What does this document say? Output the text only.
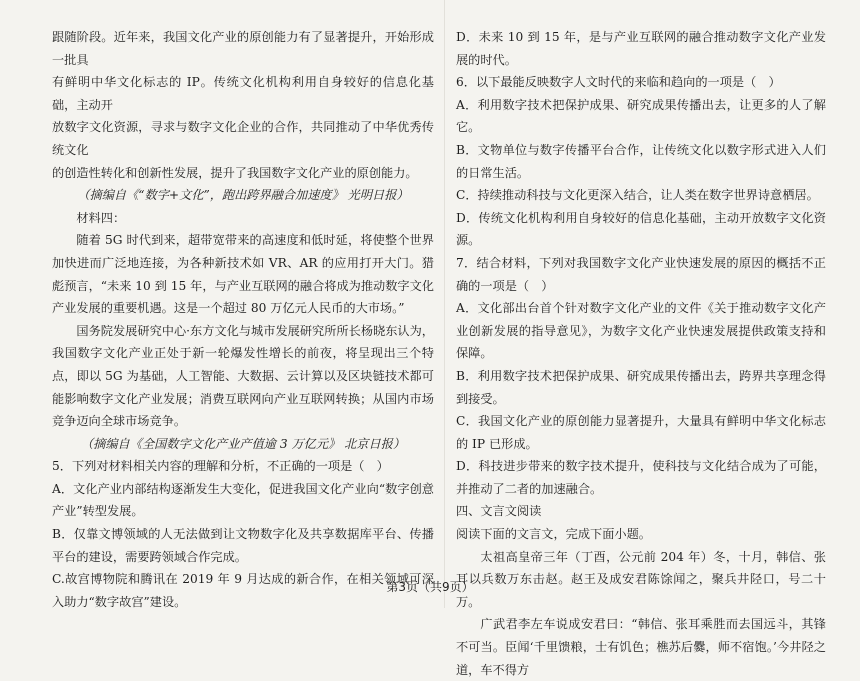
跟随阶段。近年来，我国文化产业的原创能力有了显著提升，开始形成一批具

有鲜明中华文化标志的 IP。传统文化机构利用自身较好的信息化基础，主动开

放数字文化资源，寻求与数字文化企业的合作，共同推动了中华优秀传统文化

的创造性转化和创新性发展，提升了我国数字文化产业的原创能力。

（摘编自《“数字+文化”，跑出跨界融合加速度》 光明日报）

材料四：

随着 5G 时代到来，超带宽带来的高速度和低时延，将使整个世界加快进而广泛地连接，为各种新技术如 VR、AR 的应用打开大门。猎彪预言，“未来 10 到 15 年，与产业互联网的融合将成为推动数字文化产业发展的重要机遇。这是一个超过 80 万亿元人民币的大市场。”

国务院发展研究中心·东方文化与城市发展研究所所长杨晓东认为，我国数字文化产业正处于新一轮爆发性增长的前夜，将呈现出三个特点，即以 5G 为基础，人工智能、大数据、云计算以及区块链技术都可能影响数字文化产业发展；消费互联网向产业互联网转换；从国内市场竞争迈向全球市场竞争。

（摘编自《全国数字文化产业产值逾 3 万亿元》 北京日报）

5．下列对材料相关内容的理解和分析，不正确的一项是（　）

A．文化产业内部结构逐渐发生大变化，促进我国文化产业向“数字创意产业”转型发展。

B．仅靠文博领域的人无法做到让文物数字化及共享数据库平台、传播平台的建设，需要跨领域合作完成。

C.故宫博物院和腾讯在 2019 年 9 月达成的新合作，在相关领域可深入助力“数字故宫”建设。

D．未来 10 到 15 年，是与产业互联网的融合推动数字文化产业发展的时代。

6．以下最能反映数字人文时代的来临和趋向的一项是（　）

A．利用数字技术把保护成果、研究成果传播出去，让更多的人了解它。

B．文物单位与数字传播平台合作，让传统文化以数字形式进入人们的日常生活。

C．持续推动科技与文化更深入结合，让人类在数字世界诗意栖居。

D．传统文化机构利用自身较好的信息化基础，主动开放数字文化资源。

7．结合材料，下列对我国数字文化产业快速发展的原因的概括不正确的一项是（　）

A．文化部出台首个针对数字文化产业的文件《关于推动数字文化产业创新发展的指导意见》，为数字文化产业快速发展提供政策支持和保障。

B．利用数字技术把保护成果、研究成果传播出去，跨界共享理念得到接受。

C．我国文化产业的原创能力显著提升，大量具有鲜明中华文化标志的 IP 已形成。

D．科技进步带来的数字技术提升，使科技与文化结合成为了可能，并推动了二者的加速融合。

四、文言文阅读

阅读下面的文言文，完成下面小题。

太祖高皇帝三年（丁酉，公元前 204 年）冬，十月，韩信、张耳以兵数万东击赵。赵王及成安君陈馀闻之，聚兵井陉口，号二十万。

广武君李左车说成安君曰：“韩信、张耳乘胜而去国远斗，其锋不可当。臣闻‘千里馈粮，士有饥色；樵苏后爨，师不宿饱。’今井陉之道，车不得方

第3页（共9页）
